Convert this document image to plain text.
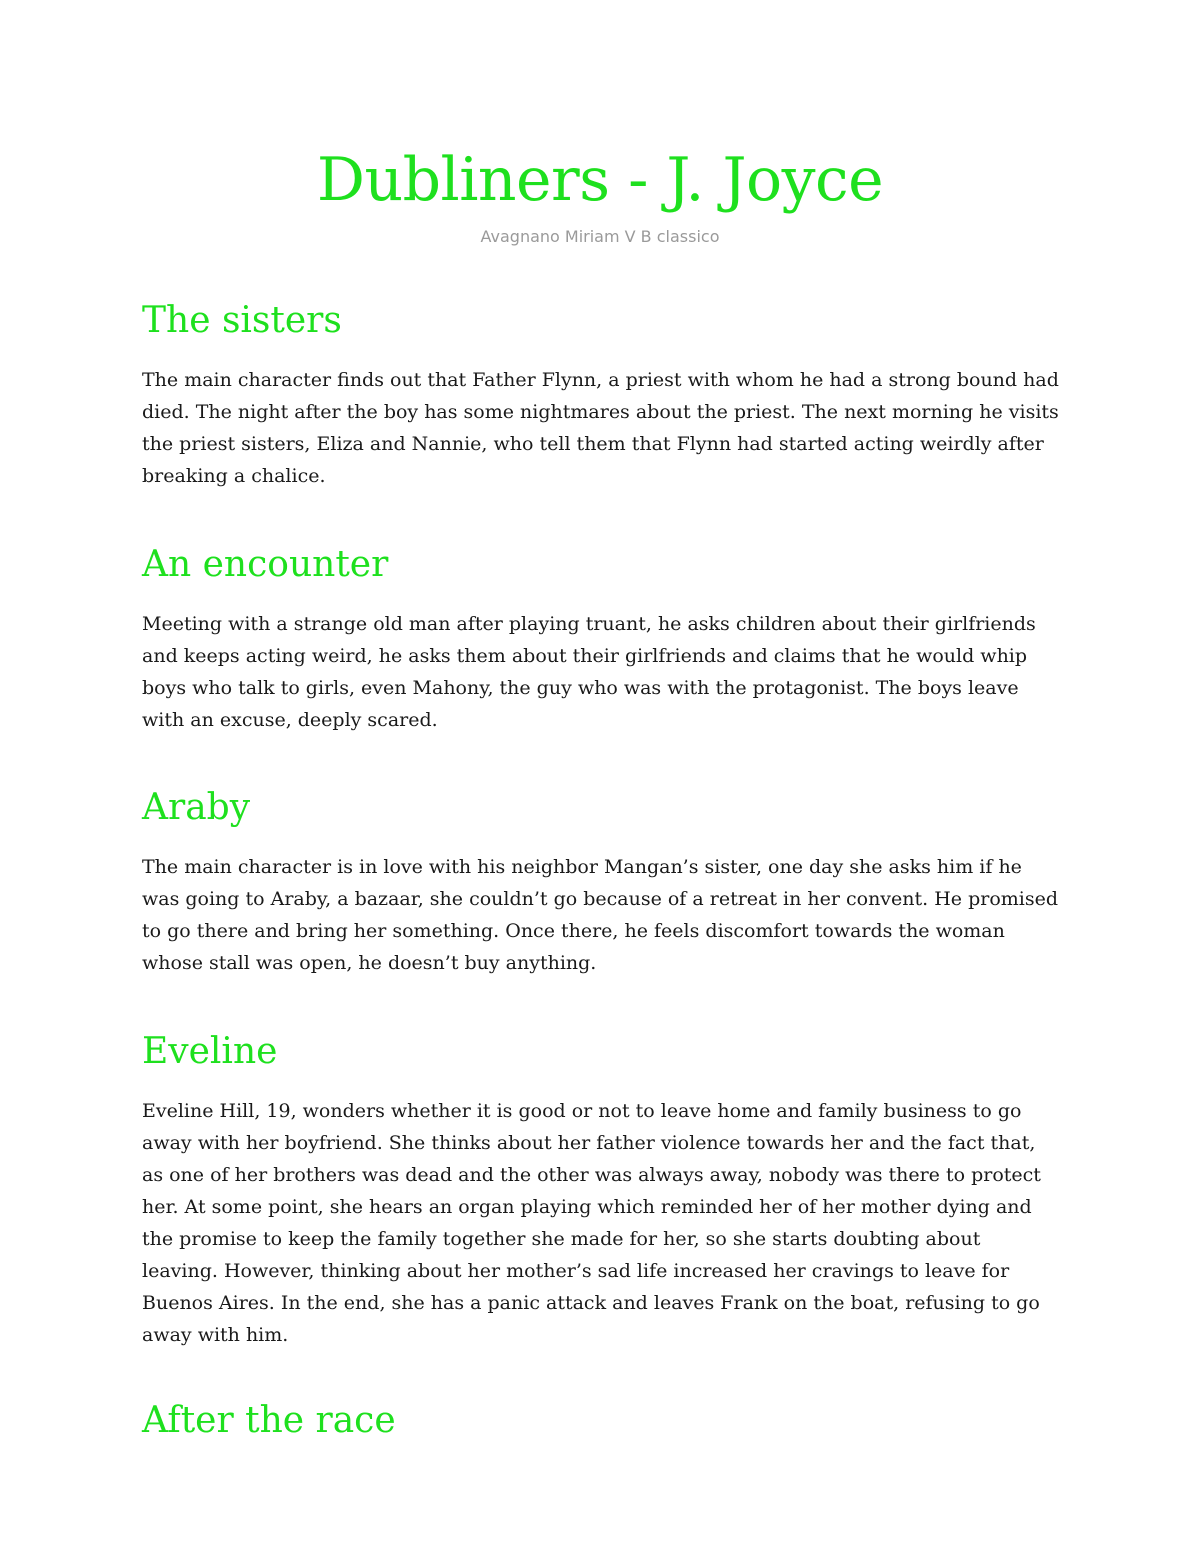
Dubliners - J. Joyce

Avagnano Miriam V B classico

The sisters

The main character finds out that Father Flynn, a priest with whom he had a strong bound had died. The night after the boy has some nightmares about the priest. The next morning he visits the priest sisters, Eliza and Nannie, who tell them that Flynn had started acting weirdly after breaking a chalice.

An encounter

Meeting with a strange old man after playing truant, he asks children about their girlfriends and keeps acting weird, he asks them about their girlfriends and claims that he would whip boys who talk to girls, even Mahony, the guy who was with the protagonist. The boys leave with an excuse, deeply scared.

Araby

The main character is in love with his neighbor Mangan’s sister, one day she asks him if he was going to Araby, a bazaar, she couldn’t go because of a retreat in her convent. He promised to go there and bring her something. Once there, he feels discomfort towards the woman whose stall was open, he doesn’t buy anything.

Eveline

Eveline Hill, 19, wonders whether it is good or not to leave home and family business to go away with her boyfriend. She thinks about her father violence towards her and the fact that, as one of her brothers was dead and the other was always away, nobody was there to protect her. At some point, she hears an organ playing which reminded her of her mother dying and the promise to keep the family together she made for her, so she starts doubting about leaving. However, thinking about her mother’s sad life increased her cravings to leave for Buenos Aires. In the end, she has a panic attack and leaves Frank on the boat, refusing to go away with him.

After the race
